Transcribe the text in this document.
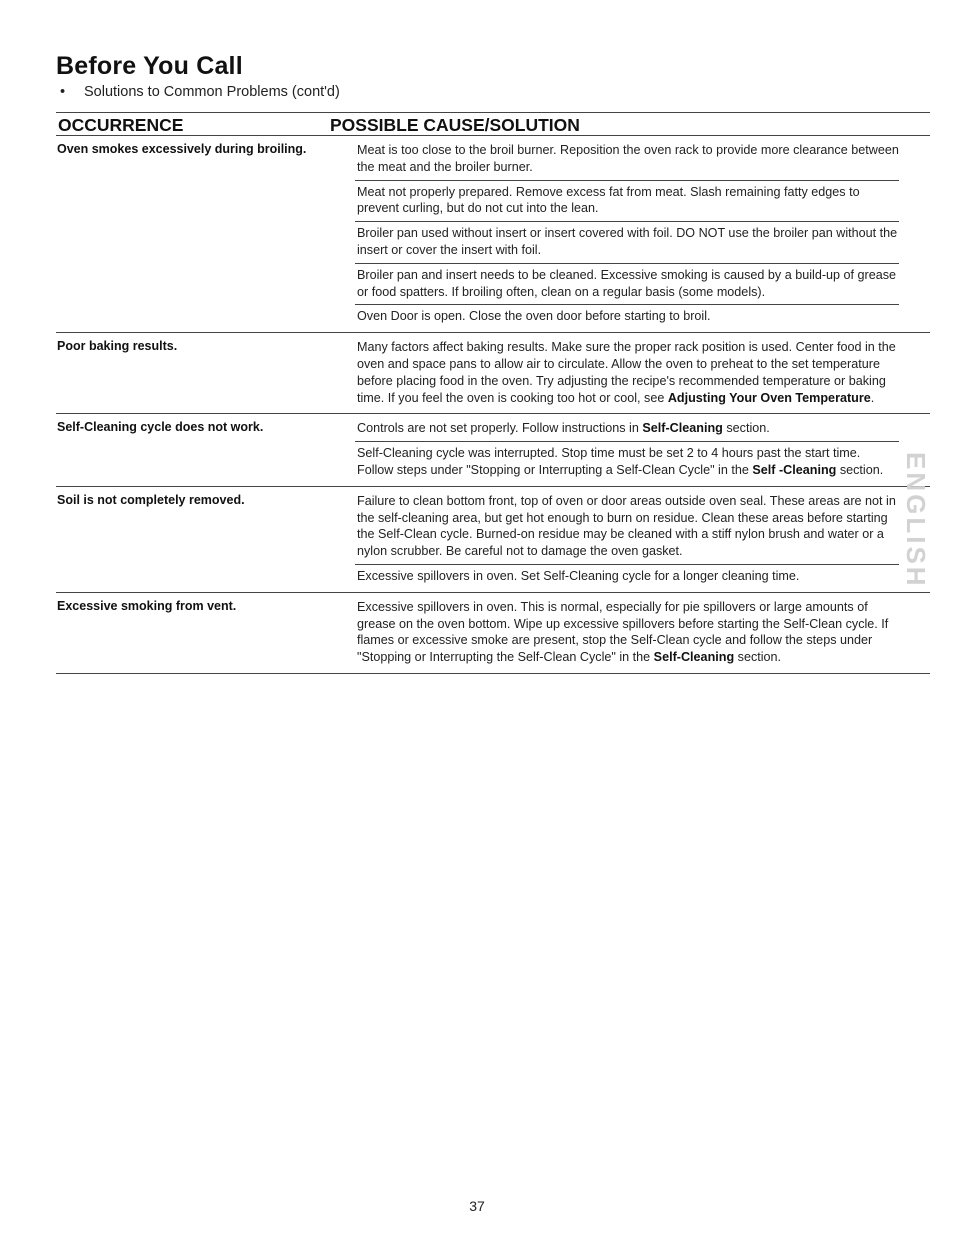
Before You Call
• Solutions to Common Problems (cont'd)
OCCURRENCE	POSSIBLE CAUSE/SOLUTION
Oven smokes excessively during broiling.	Meat is too close to the broil burner. Reposition the oven rack to provide more clearance between the meat and the broiler burner.
Meat not properly prepared. Remove excess fat from meat. Slash remaining fatty edges to prevent curling, but do not cut into the lean.
Broiler pan used without insert or insert covered with foil. DO NOT use the broiler pan without the insert or cover the insert with foil.
Broiler pan and insert needs to be cleaned. Excessive smoking is caused by a build-up of grease or food spatters. If broiling often, clean on a regular basis (some models).
Oven Door is open. Close the oven door before starting to broil.
Poor baking results.	Many factors affect baking results. Make sure the proper rack position is used. Center food in the oven and space pans to allow air to circulate. Allow the oven to preheat to the set temperature before placing food in the oven. Try adjusting the recipe's recommended temperature or baking time. If you feel the oven is cooking too hot or cool, see Adjusting Your Oven Temperature.
Self-Cleaning cycle does not work.	Controls are not set properly. Follow instructions in Self-Cleaning section.
Self-Cleaning cycle was interrupted. Stop time must be set 2 to 4 hours past the start time. Follow steps under "Stopping or Interrupting a Self-Clean Cycle" in the Self -Cleaning section.
Soil is not completely removed.	Failure to clean bottom front, top of oven or door areas outside oven seal. These areas are not in the self-cleaning area, but get hot enough to burn on residue. Clean these areas before starting the Self-Clean cycle. Burned-on residue may be cleaned with a stiff nylon brush and water or a nylon scrubber. Be careful not to damage the oven gasket.
Excessive spillovers in oven. Set Self-Cleaning cycle for a longer cleaning time.
Excessive smoking from vent.	Excessive spillovers in oven. This is normal, especially for pie spillovers or large amounts of grease on the oven bottom. Wipe up excessive spillovers before starting the Self-Clean cycle. If flames or excessive smoke are present, stop the Self-Clean cycle and follow the steps under "Stopping or Interrupting the Self-Clean Cycle" in the Self-Cleaning section.
ENGLISH
37
